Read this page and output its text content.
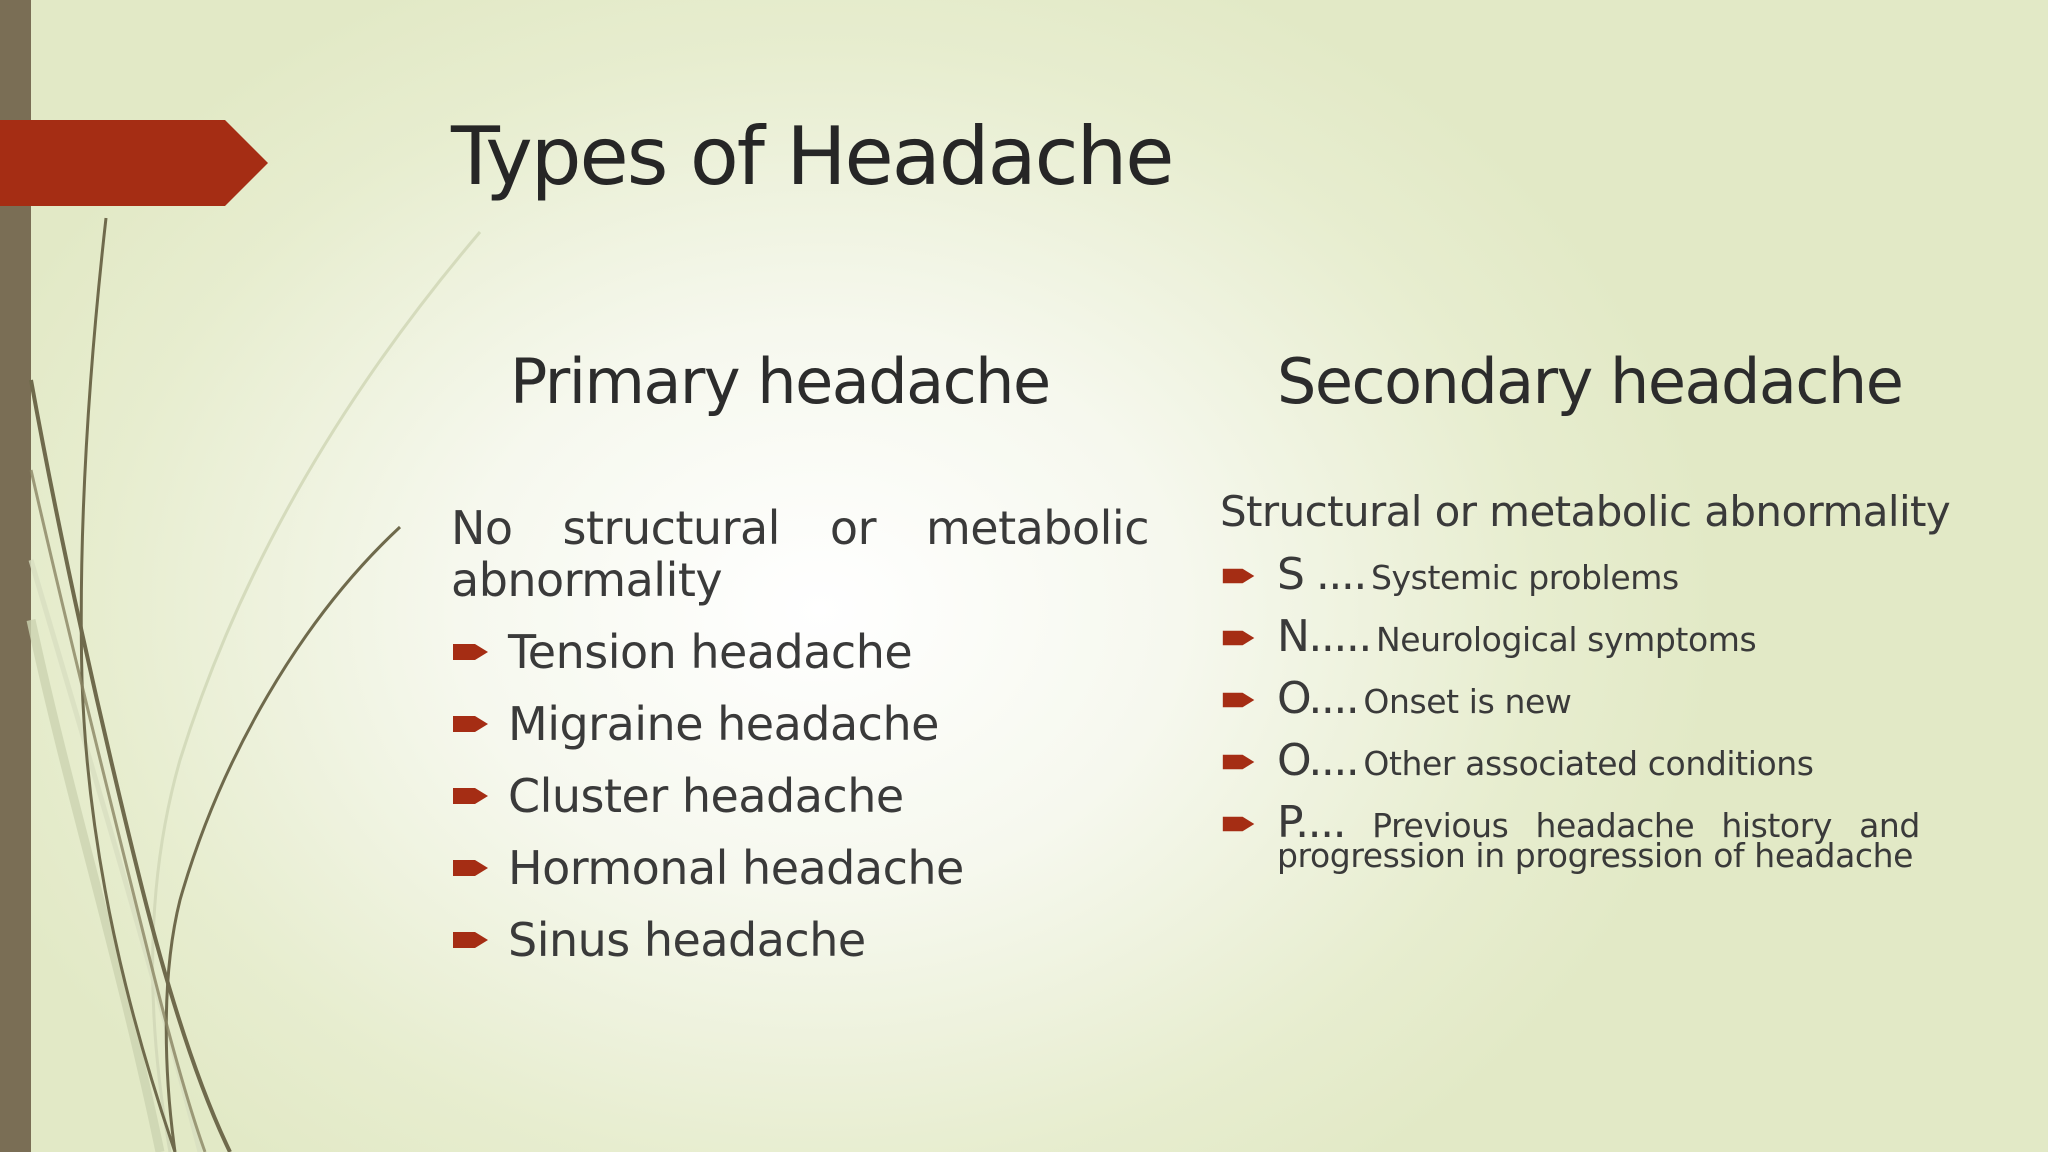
Types of Headache
Primary headache	Secondary headache
No structural or metabolic abnormality
Tension headache
Migraine headache
Cluster headache
Hormonal headache
Sinus headache
Structural or metabolic abnormality
S .... Systemic problems
N..... Neurological symptoms
O.... Onset is new
O.... Other associated conditions
P.... Previous headache history and
progression in progression of headache
